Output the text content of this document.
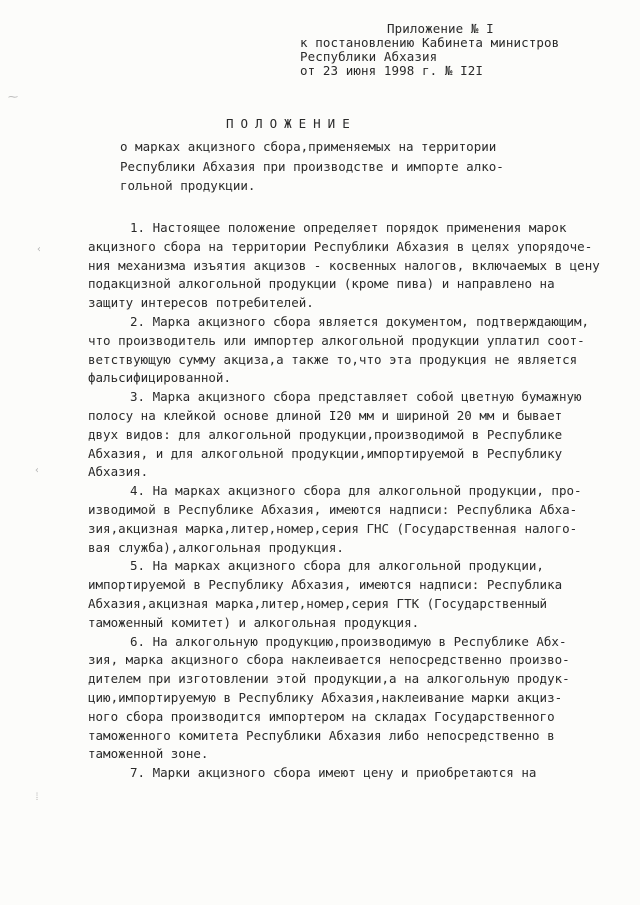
Приложение № I
к постановлению Кабинета министров
Республики Абхазия
от 23 июня 1998 г. № I2I
ПОЛОЖЕНИЕ
о марках акцизного сбора,применяемых на территории
Республики Абхазия при производстве и импорте алко-
гольной продукции.
1. Настоящее положение определяет порядок применения марок
акцизного сбора на территории Республики Абхазия в целях упорядоче-
ния механизма изъятия акцизов - косвенных налогов, включаемых в цену
подакцизной алкогольной продукции (кроме пива) и направлено на
защиту интересов потребителей.
2. Марка акцизного сбора является документом, подтверждающим,
что производитель или импортер алкогольной продукции уплатил соот-
ветствующую сумму акциза,а также то,что эта продукция не является
фальсифицированной.
3. Марка акцизного сбора представляет собой цветную бумажную
полосу на клейкой основе длиной I20 мм и шириной 20 мм и бывает
двух видов: для алкогольной продукции,производимой в Республике
Абхазия, и для алкогольной продукции,импортируемой в Республику
Абхазия.
4. На марках акцизного сбора для алкогольной продукции, про-
изводимой в Республике Абхазия, имеются надписи: Республика Абха-
зия,акцизная марка,литер,номер,серия ГНС (Государственная налого-
вая служба),алкогольная продукция.
5. На марках акцизного сбора для алкогольной продукции,
импортируемой в Республику Абхазия, имеются надписи: Республика
Абхазия,акцизная марка,литер,номер,серия ГТК (Государственный
таможенный комитет) и алкогольная продукция.
6. На алкогольную продукцию,производимую в Республике Абх-
зия, марка акцизного сбора наклеивается непосредственно произво-
дителем при изготовлении этой продукции,а на алкогольную продук-
цию,импортируемую в Республику Абхазия,наклеивание марки акциз-
ного сбора производится импортером на складах Государственного
таможенного комитета Республики Абхазия либо непосредственно в
таможенной зоне.
7. Марки акцизного сбора имеют цену и приобретаются на
⁓
‹
‹
⁞
